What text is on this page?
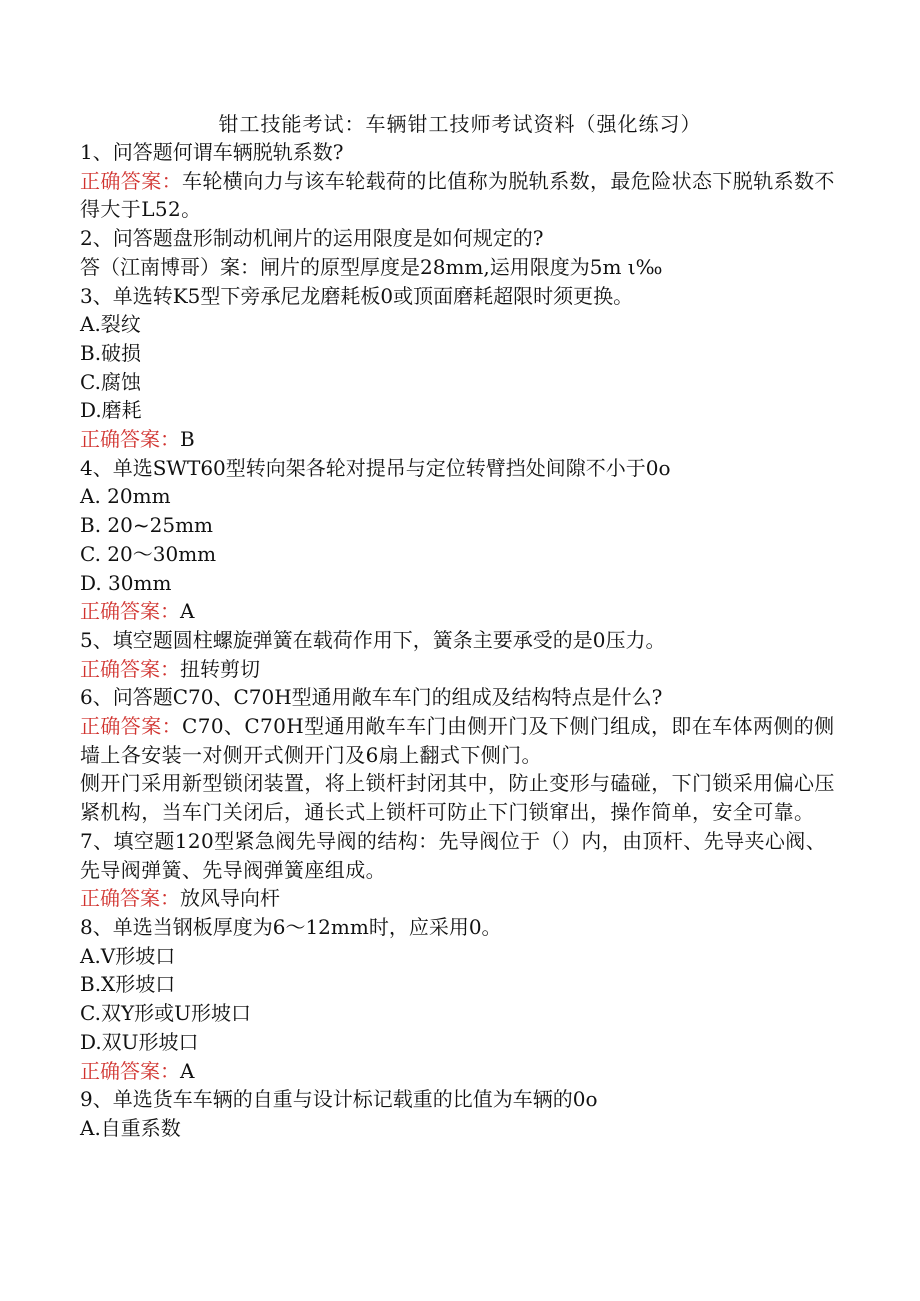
钳工技能考试：车辆钳工技师考试资料（强化练习）
1、问答题何谓车辆脱轨系数?
正确答案：车轮横向力与该车轮载荷的比值称为脱轨系数，最危险状态下脱轨系数不得大于L52。
2、问答题盘形制动机闸片的运用限度是如何规定的?
答（江南博哥）案：闸片的原型厚度是28mm,运用限度为5m ι‰
3、单选转K5型下旁承尼龙磨耗板0或顶面磨耗超限时须更换。
A.裂纹
B.破损
C.腐蚀
D.磨耗
正确答案：B
4、单选SWT60型转向架各轮对提吊与定位转臂挡处间隙不小于0o
A. 20mm
B. 20~25mm
C. 20～30mm
D. 30mm
正确答案：A
5、填空题圆柱螺旋弹簧在载荷作用下，簧条主要承受的是0压力。
正确答案：扭转剪切
6、问答题C70、C70H型通用敞车车门的组成及结构特点是什么?
正确答案：C70、C70H型通用敞车车门由侧开门及下侧门组成，即在车体两侧的侧墙上各安装一对侧开式侧开门及6扇上翻式下侧门。
侧开门采用新型锁闭装置，将上锁杆封闭其中，防止变形与磕碰，下门锁采用偏心压紧机构，当车门关闭后，通长式上锁杆可防止下门锁窜出，操作简单，安全可靠。
7、填空题120型紧急阀先导阀的结构：先导阀位于（）内，由顶杆、先导夹心阀、先导阀弹簧、先导阀弹簧座组成。
正确答案：放风导向杆
8、单选当钢板厚度为6～12mm时，应采用0。
A.V形坡口
B.X形坡口
C.双Y形或U形坡口
D.双U形坡口
正确答案：A
9、单选货车车辆的自重与设计标记载重的比值为车辆的0o
A.自重系数
